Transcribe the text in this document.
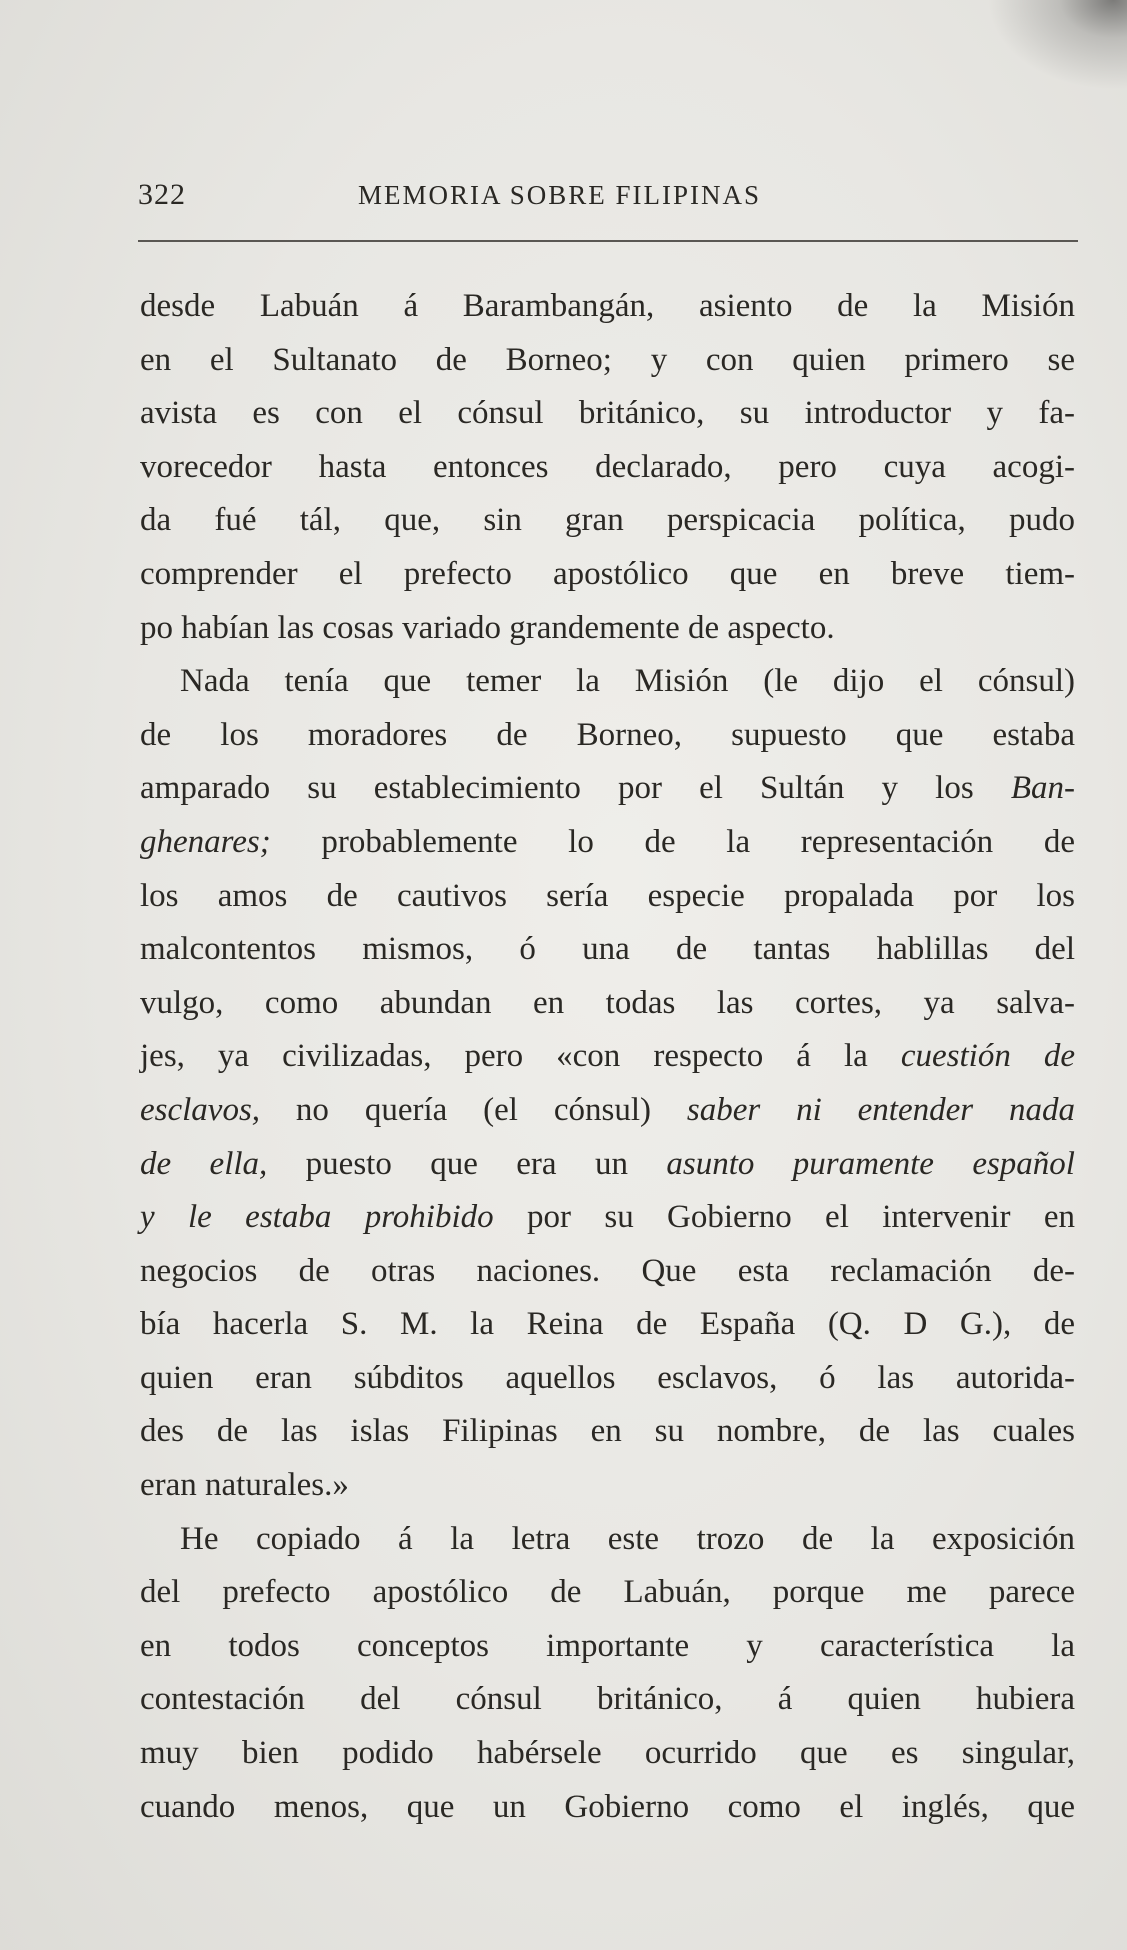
322	MEMORIA SOBRE FILIPINAS
desde Labuán á Barambangán, asiento de la Misión
en el Sultanato de Borneo; y con quien primero se
avista es con el cónsul británico, su introductor y fa-
vorecedor hasta entonces declarado, pero cuya acogi-
da fué tál, que, sin gran perspicacia política, pudo
comprender el prefecto apostólico que en breve tiem-
po habían las cosas variado grandemente de aspecto.
Nada tenía que temer la Misión (le dijo el cónsul)
de los moradores de Borneo, supuesto que estaba
amparado su establecimiento por el Sultán y los Ban-
ghenares; probablemente lo de la representación de
los amos de cautivos sería especie propalada por los
malcontentos mismos, ó una de tantas hablillas del
vulgo, como abundan en todas las cortes, ya salva-
jes, ya civilizadas, pero «con respecto á la cuestión de
esclavos, no quería (el cónsul) saber ni entender nada
de ella, puesto que era un asunto puramente español
y le estaba prohibido por su Gobierno el intervenir en
negocios de otras naciones. Que esta reclamación de-
bía hacerla S. M. la Reina de España (Q. D G.), de
quien eran súbditos aquellos esclavos, ó las autorida-
des de las islas Filipinas en su nombre, de las cuales
eran naturales.»
He copiado á la letra este trozo de la exposición
del prefecto apostólico de Labuán, porque me parece
en todos conceptos importante y característica la
contestación del cónsul británico, á quien hubiera
muy bien podido habérsele ocurrido que es singular,
cuando menos, que un Gobierno como el inglés, que
